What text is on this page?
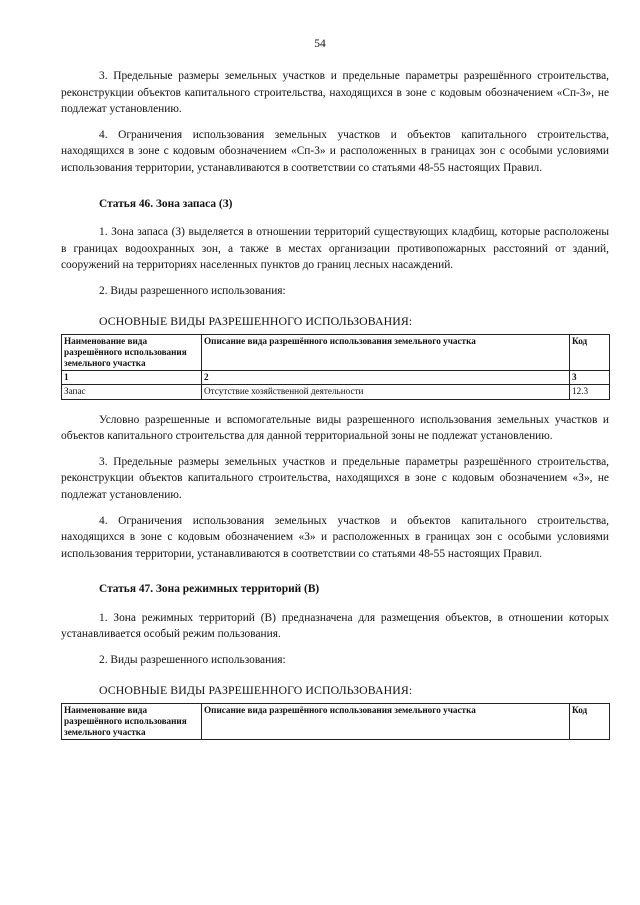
54

3. Предельные размеры земельных участков и предельные параметры разрешённого строительства, реконструкции объектов капитального строительства, находящихся в зоне с кодовым обозначением «Сп-3», не подлежат установлению.

4. Ограничения использования земельных участков и объектов капитального строительства, находящихся в зоне с кодовым обозначением «Сп-3» и расположенных в границах зон с особыми условиями использования территории, устанавливаются в соответствии со статьями 48-55 настоящих Правил.

Статья 46. Зона запаса (З)

1. Зона запаса (З) выделяется в отношении территорий существующих кладбищ, которые расположены в границах водоохранных зон, а также в местах организации противопожарных расстояний от зданий, сооружений на территориях населенных пунктов до границ лесных насаждений.

2. Виды разрешенного использования:

ОСНОВНЫЕ ВИДЫ РАЗРЕШЕННОГО ИСПОЛЬЗОВАНИЯ:
Наименование вида разрешённого использования земельного участка	Описание вида разрешённого использования земельного участка	Код
1	2	3
Запас	Отсутствие хозяйственной деятельности	12.3

Условно разрешенные и вспомогательные виды разрешенного использования земельных участков и объектов капитального строительства для данной территориальной зоны не подлежат установлению.

3. Предельные размеры земельных участков и предельные параметры разрешённого строительства, реконструкции объектов капитального строительства, находящихся в зоне с кодовым обозначением «З», не подлежат установлению.

4. Ограничения использования земельных участков и объектов капитального строительства, находящихся в зоне с кодовым обозначением «З» и расположенных в границах зон с особыми условиями использования территории, устанавливаются в соответствии со статьями 48-55 настоящих Правил.

Статья 47. Зона режимных территорий (В)

1. Зона режимных территорий (В) предназначена для размещения объектов, в отношении которых устанавливается особый режим пользования.

2. Виды разрешенного использования:

ОСНОВНЫЕ ВИДЫ РАЗРЕШЕННОГО ИСПОЛЬЗОВАНИЯ:
Наименование вида разрешённого использования земельного участка	Описание вида разрешённого использования земельного участка	Код
